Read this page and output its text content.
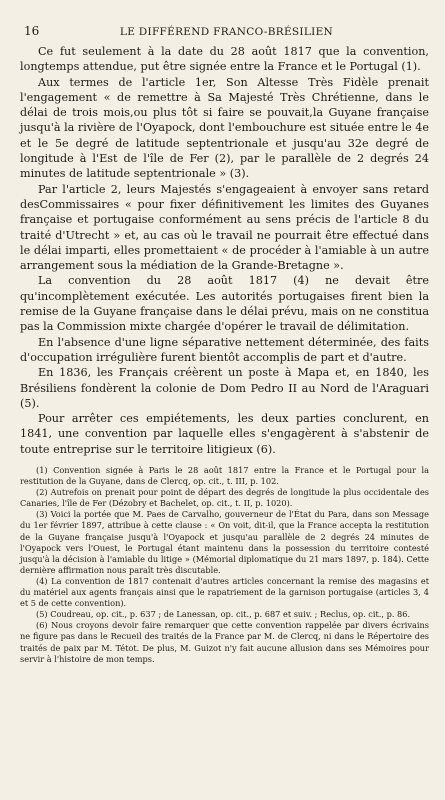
16	LE DIFFÉREND FRANCO-BRÉSILIEN

Ce fut seulement à la date du 28 août 1817 que la convention, longtemps attendue, put être signée entre la France et le Portugal (1).

Aux termes de l'article 1er, Son Altesse Très Fidèle prenait l'engagement « de remettre à Sa Majesté Très Chrétienne, dans le délai de trois mois,ou plus tôt si faire se pouvait,la Guyane française jusqu'à la rivière de l'Oyapock, dont l'embouchure est située entre le 4e et le 5e degré de latitude septentrionale et jusqu'au 32e degré de longitude à l'Est de l'île de Fer (2), par le parallèle de 2 degrés 24 minutes de latitude septentrionale » (3).

Par l'article 2, leurs Majestés s'engageaient à envoyer sans retard desCommissaires « pour fixer définitivement les limites des Guyanes française et portugaise conformément au sens précis de l'article 8 du traité d'Utrecht » et, au cas où le travail ne pourrait être effectué dans le délai imparti, elles promettaient « de procéder à l'amiable à un autre arrangement sous la médiation de la Grande-Bretagne ».

La convention du 28 août 1817 (4) ne devait être qu'incomplètement exécutée. Les autorités portugaises firent bien la remise de la Guyane française dans le délai prévu, mais on ne constitua pas la Commission mixte chargée d'opérer le travail de délimitation.

En l'absence d'une ligne séparative nettement déterminée, des faits d'occupation irrégulière furent bientôt accomplis de part et d'autre.

En 1836, les Français créèrent un poste à Mapa et, en 1840, les Brésiliens fondèrent la colonie de Dom Pedro II au Nord de l'Araguari (5).

Pour arrêter ces empiétements, les deux parties conclurent, en 1841, une convention par laquelle elles s'engagèrent à s'abstenir de toute entreprise sur le territoire litigieux (6).

(1) Convention signée à Paris le 28 août 1817 entre la France et le Portugal pour la restitution de la Guyane, dans de Clercq, op. cit., t. III, p. 102.

(2) Autrefois on prenait pour point de départ des degrés de longitude la plus occidentale des Canaries, l'île de Fer (Dézobry et Bachelet, op. cit., t. II, p. 1020).

(3) Voici la portée que M. Paes de Carvalho, gouverneur de l'État du Para, dans son Message du 1er février 1897, attribue à cette clause : « On voit, dit-il, que la France accepta la restitution de la Guyane française jusqu'à l'Oyapock et jusqu'au parallèle de 2 degrés 24 minutes de l'Oyapock vers l'Ouest, le Portugal étant maintenu dans la possession du territoire contesté jusqu'à la décision à l'amiable du litige » (Mémorial diplomatique du 21 mars 1897, p. 184). Cette dernière affirmation nous paraît très discutable.

(4) La convention de 1817 contenait d'autres articles concernant la remise des magasins et du matériel aux agents français ainsi que le rapatriement de la garnison portugaise (articles 3, 4 et 5 de cette convention).

(5) Coudreau, op. cit., p. 637 ; de Lanessan, op. cit., p. 687 et suiv. ; Reclus, op. cit., p. 86.

(6) Nous croyons devoir faire remarquer que cette convention rappelée par divers écrivains ne figure pas dans le Recueil des traités de la France par M. de Clercq, ni dans le Répertoire des traités de paix par M. Tétot. De plus, M. Guizot n'y fait aucune allusion dans ses Mémoires pour servir à l'histoire de mon temps.
